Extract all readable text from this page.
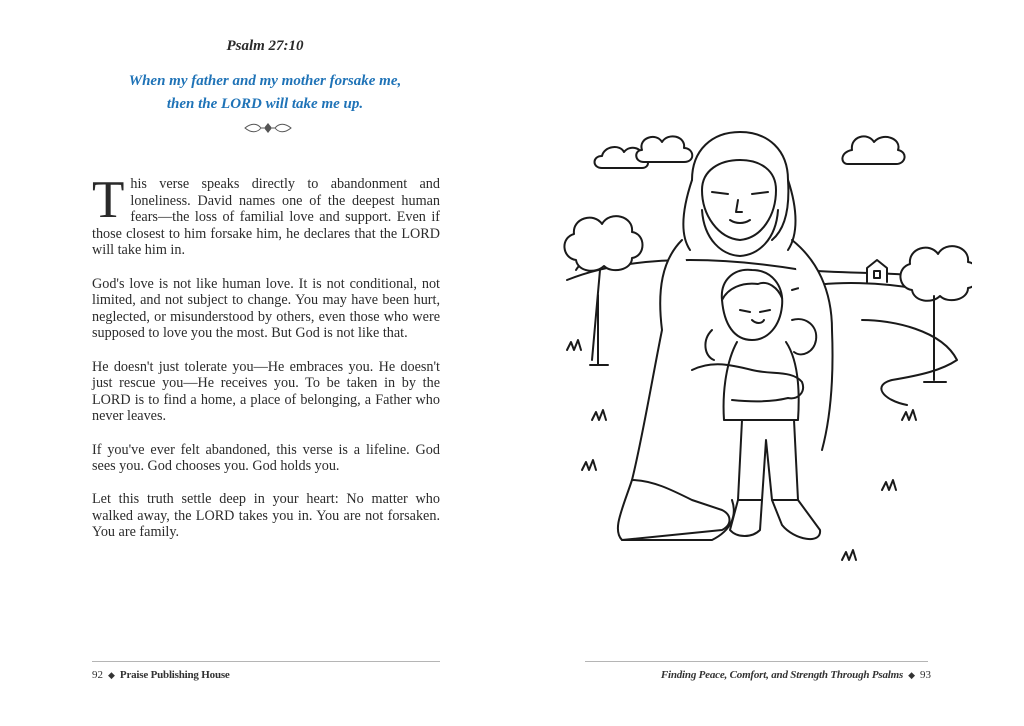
Psalm 27:10
When my father and my mother forsake me,
then the LORD will take me up.

This verse speaks directly to abandonment and loneliness. David names one of the deepest human fears—the loss of familial love and support. Even if those closest to him forsake him, he declares that the LORD will take him in.

God's love is not like human love. It is not conditional, not limited, and not subject to change. You may have been hurt, neglected, or misunderstood by others, even those who were supposed to love you the most. But God is not like that.

He doesn't just tolerate you—He embraces you. He doesn't just rescue you—He receives you. To be taken in by the LORD is to find a home, a place of belonging, a Father who never leaves.

If you've ever felt abandoned, this verse is a lifeline. God sees you. God chooses you. God holds you.

Let this truth settle deep in your heart: No matter who walked away, the LORD takes you in. You are not forsaken. You are family.

92 ◆ Praise Publishing House	Finding Peace, Comfort, and Strength Through Psalms ◆ 93
